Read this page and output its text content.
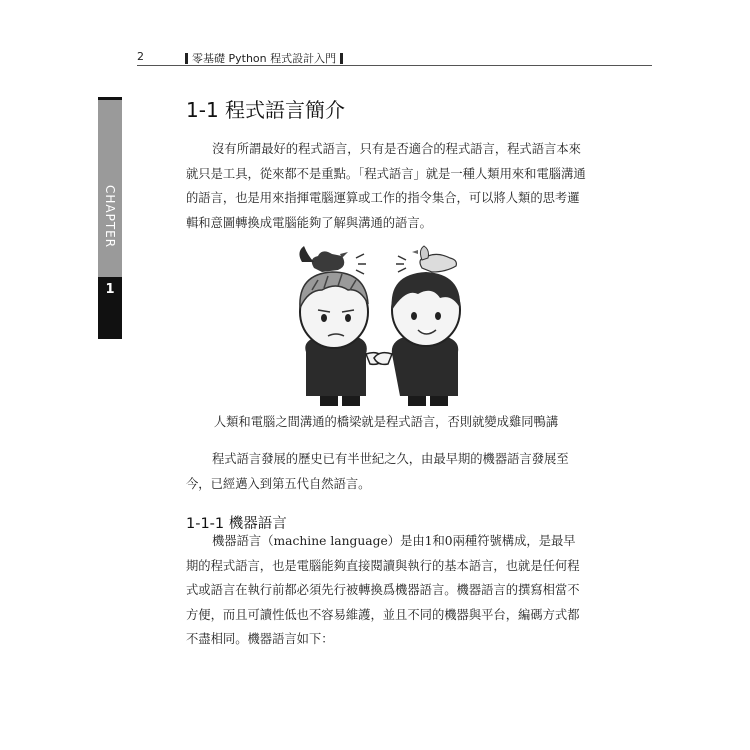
2	零基礎 Python 程式設計入門
CHAPTER
1
1-1 程式語言簡介

沒有所謂最好的程式語言，只有是否適合的程式語言，程式語言本來就只是工具，從來都不是重點。「程式語言」就是一種人類用來和電腦溝通的語言，也是用來指揮電腦運算或工作的指令集合，可以將人類的思考邏輯和意圖轉換成電腦能夠了解與溝通的語言。

人類和電腦之間溝通的橋梁就是程式語言，否則就變成雞同鴨講

程式語言發展的歷史已有半世紀之久，由最早期的機器語言發展至今，已經邁入到第五代自然語言。

1-1-1 機器語言

機器語言（machine language）是由1和0兩種符號構成，是最早期的程式語言，也是電腦能夠直接閱讀與執行的基本語言，也就是任何程式或語言在執行前都必須先行被轉換爲機器語言。機器語言的撰寫相當不方便，而且可讀性低也不容易維護，並且不同的機器與平台，編碼方式都不盡相同。機器語言如下：
